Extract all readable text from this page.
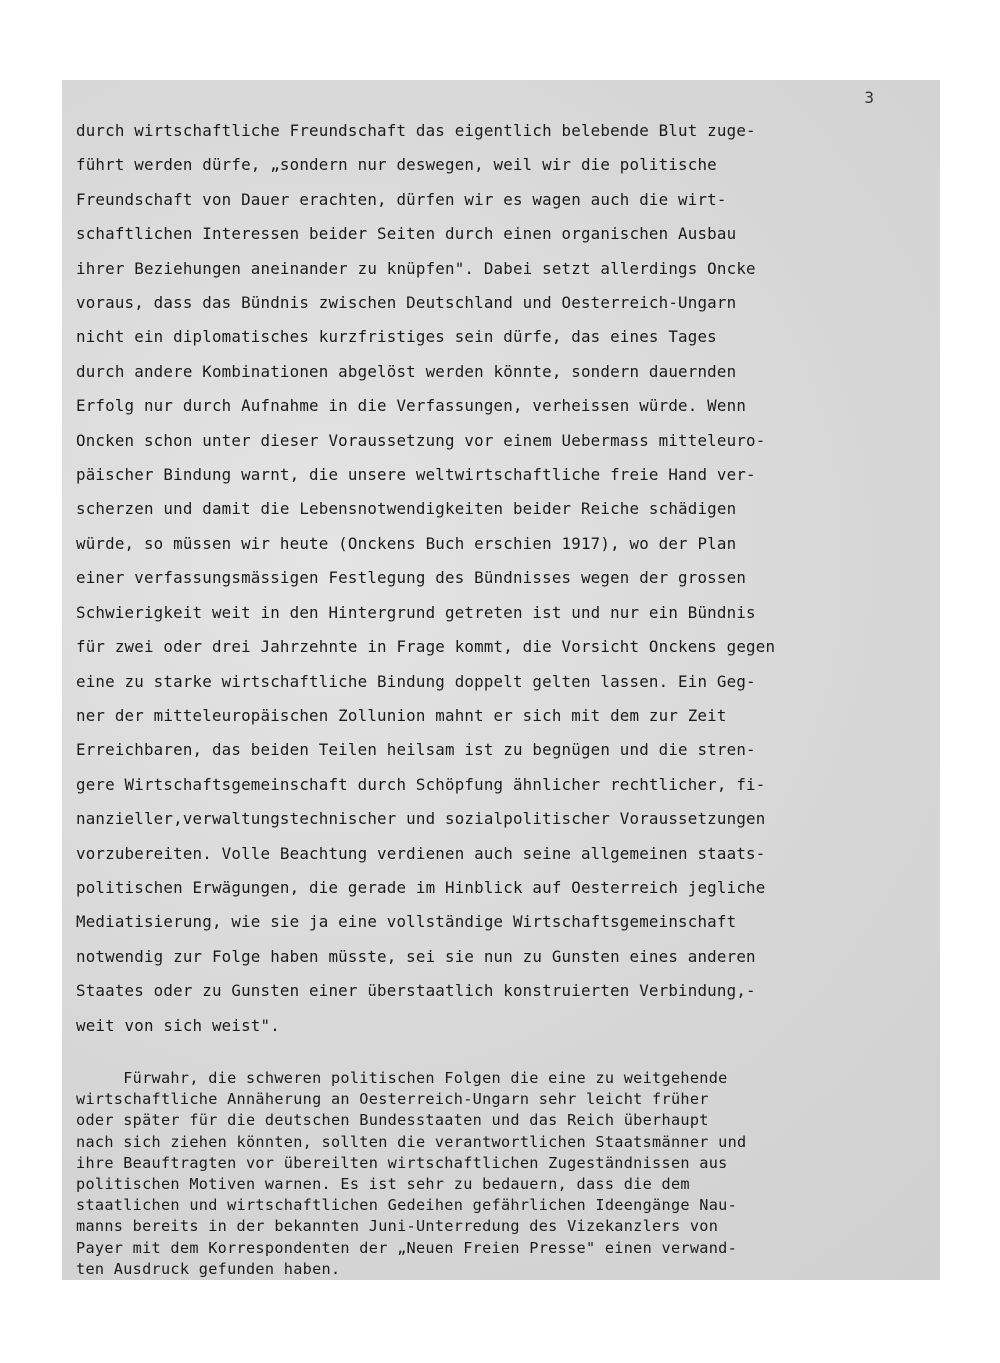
3
durch wirtschaftliche Freundschaft das eigentlich belebende Blut zuge-
führt werden dürfe, „sondern nur deswegen, weil wir die politische
Freundschaft von Dauer erachten, dürfen wir es wagen auch die wirt-
schaftlichen Interessen beider Seiten durch einen organischen Ausbau
ihrer Beziehungen aneinander zu knüpfen". Dabei setzt allerdings Oncke
voraus, dass das Bündnis zwischen Deutschland und Oesterreich-Ungarn
nicht ein diplomatisches kurzfristiges sein dürfe, das eines Tages
durch andere Kombinationen abgelöst werden könnte, sondern dauernden
Erfolg nur durch Aufnahme in die Verfassungen, verheissen würde. Wenn
Oncken schon unter dieser Voraussetzung vor einem Uebermass mitteleuro-
päischer Bindung warnt, die unsere weltwirtschaftliche freie Hand ver-
scherzen und damit die Lebensnotwendigkeiten beider Reiche schädigen
würde, so müssen wir heute (Onckens Buch erschien 1917), wo der Plan
einer verfassungsmässigen Festlegung des Bündnisses wegen der grossen
Schwierigkeit weit in den Hintergrund getreten ist und nur ein Bündnis
für zwei oder drei Jahrzehnte in Frage kommt, die Vorsicht Onckens gegen
eine zu starke wirtschaftliche Bindung doppelt gelten lassen. Ein Geg-
ner der mitteleuropäischen Zollunion mahnt er sich mit dem zur Zeit
Erreichbaren, das beiden Teilen heilsam ist zu begnügen und die stren-
gere Wirtschaftsgemeinschaft durch Schöpfung ähnlicher rechtlicher, fi-
nanzieller,verwaltungstechnischer und sozialpolitischer Voraussetzungen
vorzubereiten. Volle Beachtung verdienen auch seine allgemeinen staats-
politischen Erwägungen, die gerade im Hinblick auf Oesterreich jegliche
Mediatisierung, wie sie ja eine vollständige Wirtschaftsgemeinschaft
notwendig zur Folge haben müsste, sei sie nun zu Gunsten eines anderen
Staates oder zu Gunsten einer überstaatlich konstruierten Verbindung,-
weit von sich weist".
Fürwahr, die schweren politischen Folgen die eine zu weitgehende
wirtschaftliche Annäherung an Oesterreich-Ungarn sehr leicht früher
oder später für die deutschen Bundesstaaten und das Reich überhaupt
nach sich ziehen könnten, sollten die verantwortlichen Staatsmänner und
ihre Beauftragten vor übereilten wirtschaftlichen Zugeständnissen aus
politischen Motiven warnen. Es ist sehr zu bedauern, dass die dem
staatlichen und wirtschaftlichen Gedeihen gefährlichen Ideengänge Nau-
manns bereits in der bekannten Juni-Unterredung des Vizekanzlers von
Payer mit dem Korrespondenten der „Neuen Freien Presse" einen verwand-
ten Ausdruck gefunden haben.
